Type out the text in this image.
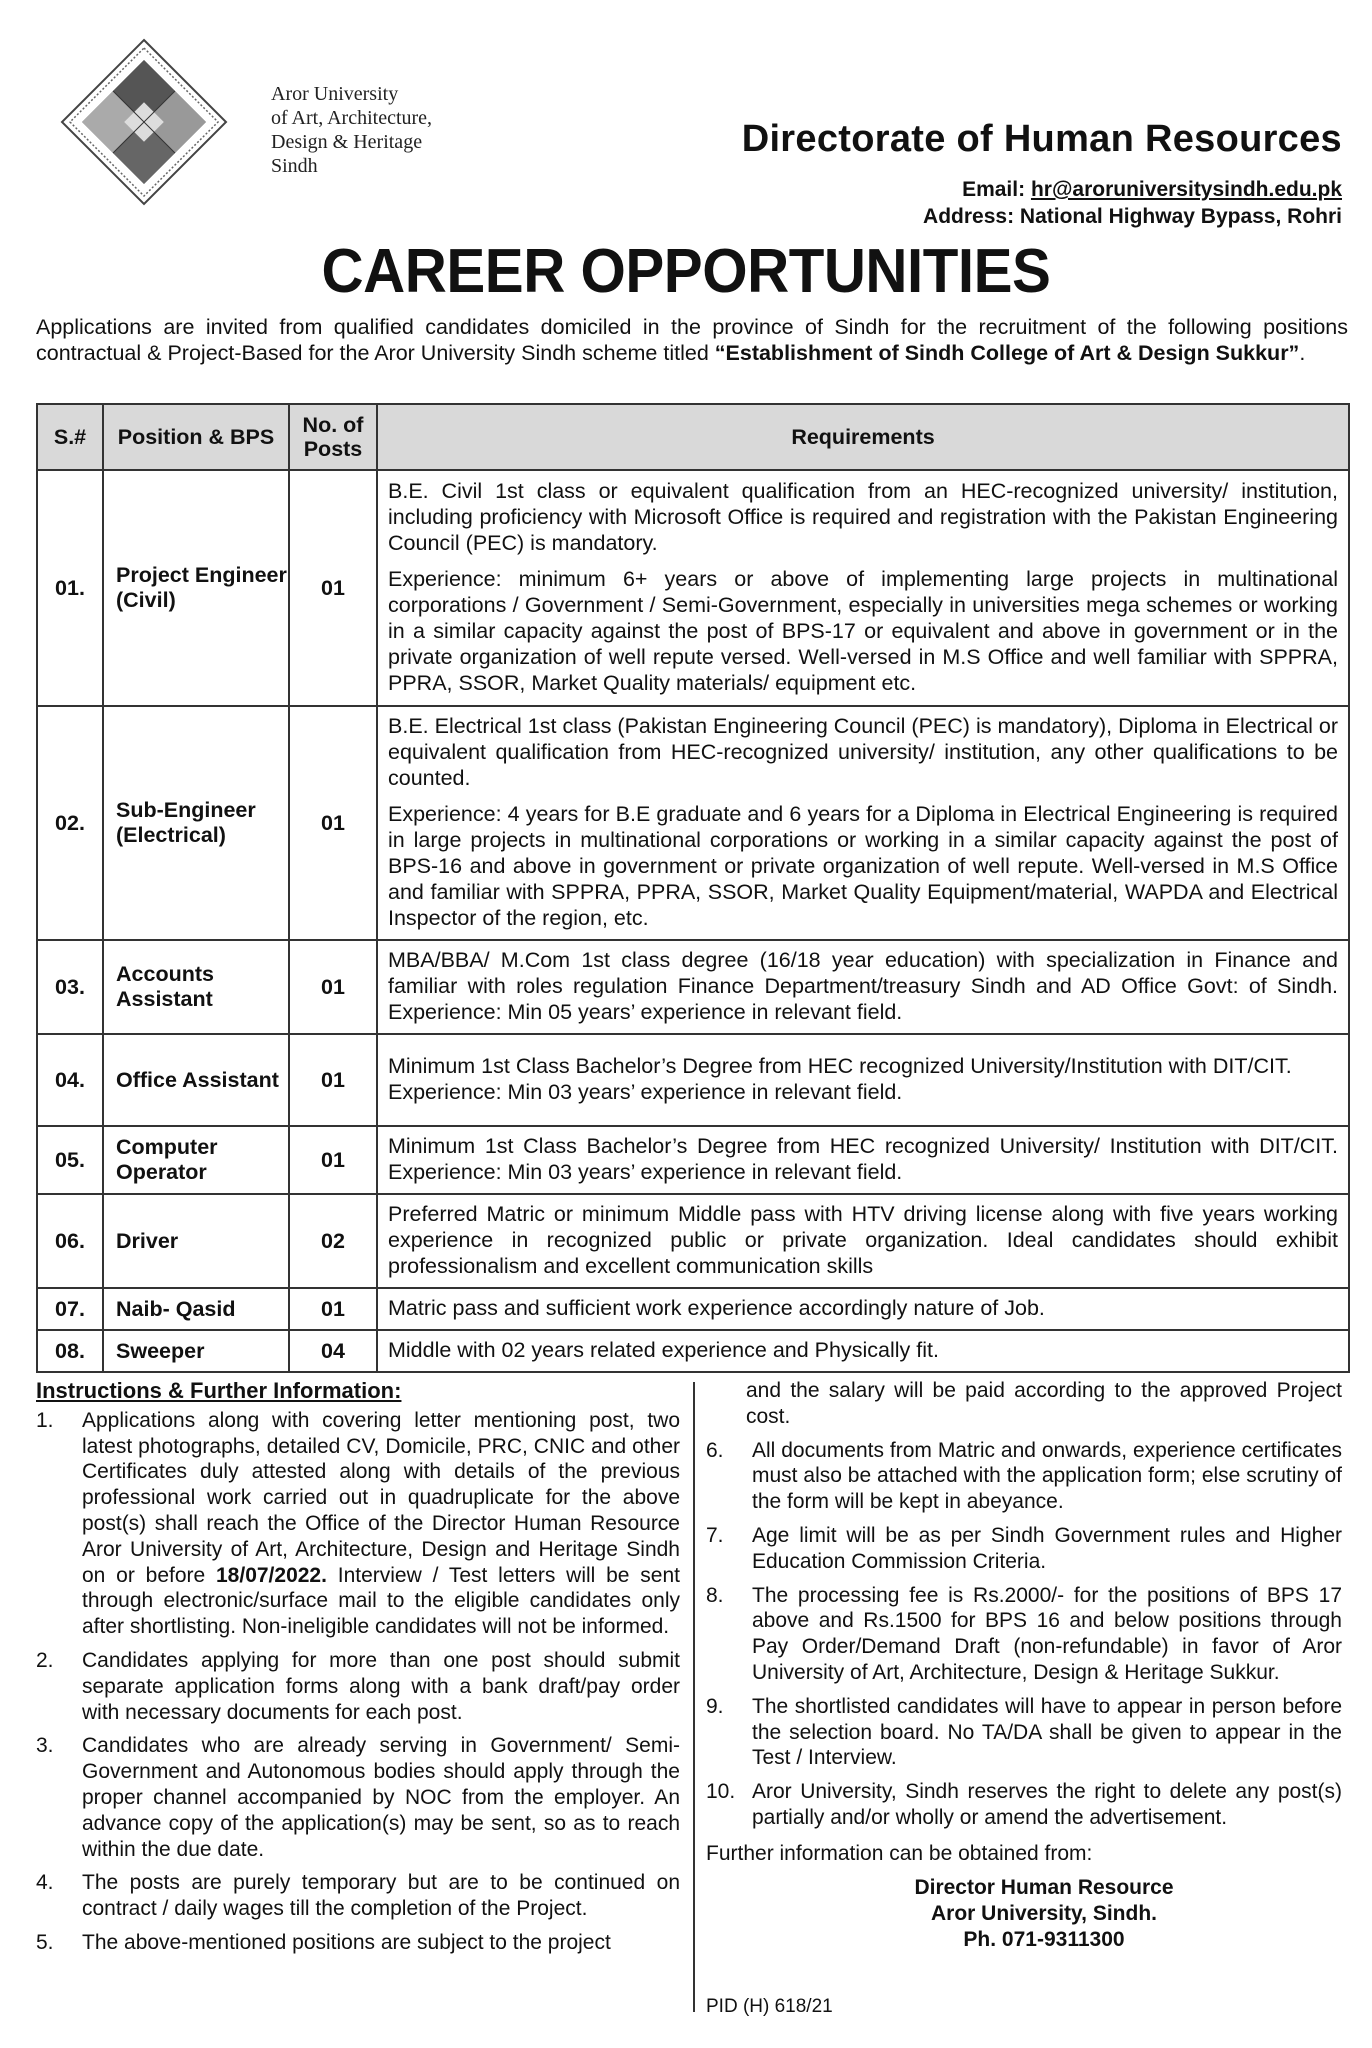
Aror University
of Art, Architecture,
Design & Heritage
Sindh
Directorate of Human Resources
Email: hr@aroruniversitysindh.edu.pk
Address: National Highway Bypass, Rohri
CAREER OPPORTUNITIES
Applications are invited from qualified candidates domiciled in the province of Sindh for the recruitment of the following positions contractual & Project-Based for the Aror University Sindh scheme titled “Establishment of Sindh College of Art & Design Sukkur”.
S.#	Position & BPS	No. of Posts	Requirements
01.	Project Engineer (Civil)	01	B.E. Civil 1st class or equivalent qualification from an HEC-recognized university/ institution, including proficiency with Microsoft Office is required and registration with the Pakistan Engineering Council (PEC) is mandatory.

Experience: minimum 6+ years or above of implementing large projects in multinational corporations / Government / Semi-Government, especially in universities mega schemes or working in a similar capacity against the post of BPS-17 or equivalent and above in government or in the private organization of well repute versed. Well-versed in M.S Office and well familiar with SPPRA, PPRA, SSOR, Market Quality materials/ equipment etc.

02.	Sub-Engineer (Electrical)	01	B.E. Electrical 1st class (Pakistan Engineering Council (PEC) is mandatory), Diploma in Electrical or equivalent qualification from HEC-recognized university/ institution, any other qualifications to be counted.

Experience: 4 years for B.E graduate and 6 years for a Diploma in Electrical Engineering is required in large projects in multinational corporations or working in a similar capacity against the post of BPS-16 and above in government or private organization of well repute. Well-versed in M.S Office and familiar with SPPRA, PPRA, SSOR, Market Quality Equipment/material, WAPDA and Electrical Inspector of the region, etc.

03.	Accounts Assistant	01	MBA/BBA/ M.Com 1st class degree (16/18 year education) with specialization in Finance and familiar with roles regulation Finance Department/treasury Sindh and AD Office Govt: of Sindh. Experience: Min 05 years’ experience in relevant field.

04.	Office Assistant	01	Minimum 1st Class Bachelor’s Degree from HEC recognized University/Institution with DIT/CIT.

Experience: Min 03 years’ experience in relevant field.

05.	Computer Operator	01	Minimum 1st Class Bachelor’s Degree from HEC recognized University/ Institution with DIT/CIT. Experience: Min 03 years’ experience in relevant field.

06.	Driver	02	Preferred Matric or minimum Middle pass with HTV driving license along with five years working experience in recognized public or private organization. Ideal candidates should exhibit professionalism and excellent communication skills

07.	Naib- Qasid	01	Matric pass and sufficient work experience accordingly nature of Job.

08.	Sweeper	04	Middle with 02 years related experience and Physically fit.

Instructions & Further Information:
1.	Applications along with covering letter mentioning post, two latest photographs, detailed CV, Domicile, PRC, CNIC and other Certificates duly attested along with details of the previous professional work carried out in quadruplicate for the above post(s) shall reach the Office of the Director Human Resource Aror University of Art, Architecture, Design and Heritage Sindh on or before 18/07/2022. Interview / Test letters will be sent through electronic/surface mail to the eligible candidates only after shortlisting. Non-ineligible candidates will not be informed.
2.	Candidates applying for more than one post should submit separate application forms along with a bank draft/pay order with necessary documents for each post.
3.	Candidates who are already serving in Government/ Semi-Government and Autonomous bodies should apply through the proper channel accompanied by NOC from the employer. An advance copy of the application(s) may be sent, so as to reach within the due date.
4.	The posts are purely temporary but are to be continued on contract / daily wages till the completion of the Project.
5.	The above-mentioned positions are subject to the project
and the salary will be paid according to the approved Project cost.
6.	All documents from Matric and onwards, experience certificates must also be attached with the application form; else scrutiny of the form will be kept in abeyance.
7.	Age limit will be as per Sindh Government rules and Higher Education Commission Criteria.
8.	The processing fee is Rs.2000/- for the positions of BPS 17 above and Rs.1500 for BPS 16 and below positions through Pay Order/Demand Draft (non-refundable) in favor of Aror University of Art, Architecture, Design & Heritage Sukkur.
9.	The shortlisted candidates will have to appear in person before the selection board. No TA/DA shall be given to appear in the Test / Interview.
10. Aror University, Sindh reserves the right to delete any post(s) partially and/or wholly or amend the advertisement.
Further information can be obtained from:
Director Human Resource
Aror University, Sindh.
Ph. 071-9311300
PID (H) 618/21
